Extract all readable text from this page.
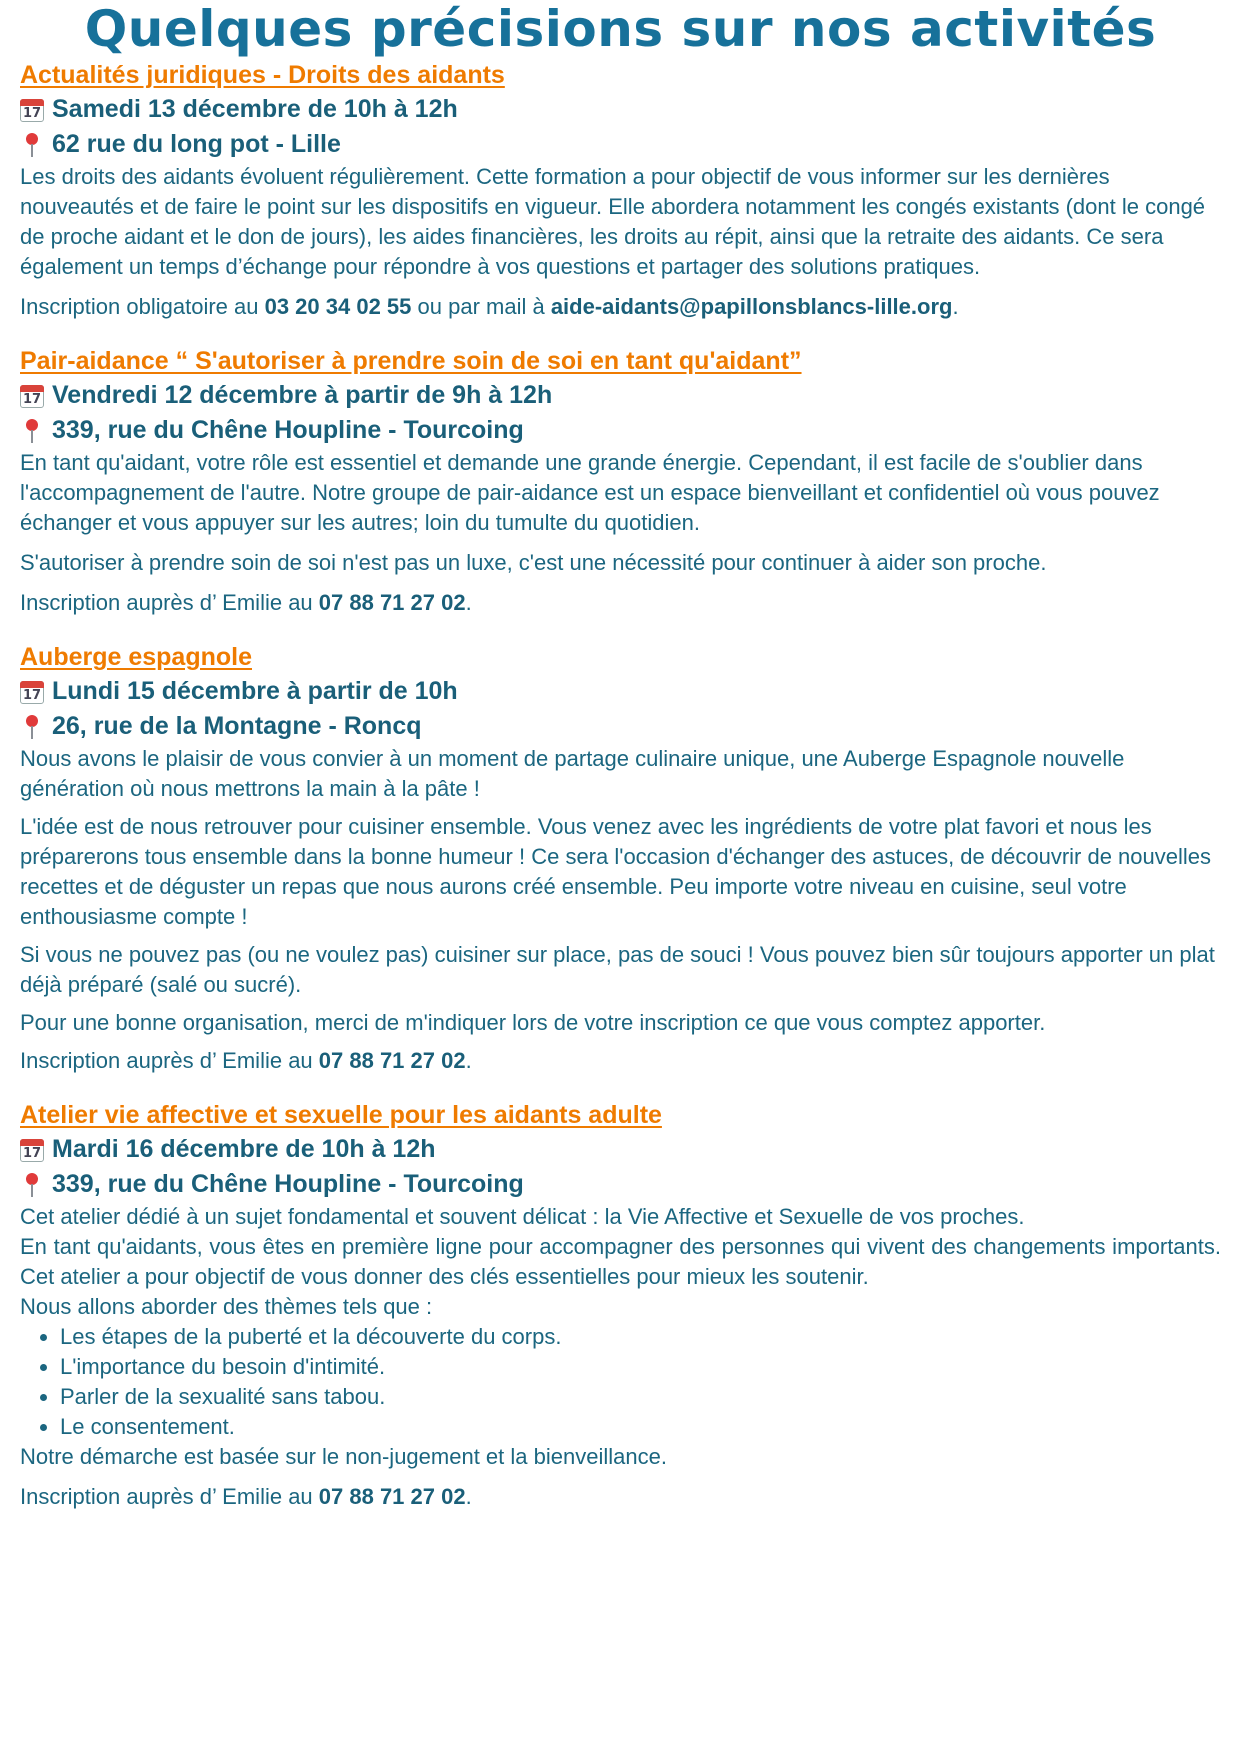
Quelques précisions sur nos activités
Actualités juridiques - Droits des aidants
17 Samedi 13 décembre de 10h à 12h
62 rue du long pot - Lille

Les droits des aidants évoluent régulièrement. Cette formation a pour objectif de vous informer sur les dernières nouveautés et de faire le point sur les dispositifs en vigueur. Elle abordera notamment les congés existants (dont le congé de proche aidant et le don de jours), les aides financières, les droits au répit, ainsi que la retraite des aidants. Ce sera également un temps d’échange pour répondre à vos questions et partager des solutions pratiques.

Inscription obligatoire au 03 20 34 02 55 ou par mail à aide-aidants@papillonsblancs-lille.org.

Pair-aidance “ S'autoriser à prendre soin de soi en tant qu'aidant”
17 Vendredi 12 décembre à partir de 9h à 12h
339, rue du Chêne Houpline - Tourcoing

En tant qu'aidant, votre rôle est essentiel et demande une grande énergie. Cependant, il est facile de s'oublier dans l'accompagnement de l'autre. Notre groupe de pair-aidance est un espace bienveillant et confidentiel où vous pouvez échanger et vous appuyer sur les autres; loin du tumulte du quotidien.

S'autoriser à prendre soin de soi n'est pas un luxe, c'est une nécessité pour continuer à aider son proche.

Inscription auprès d’ Emilie au 07 88 71 27 02.

Auberge espagnole
17 Lundi 15 décembre à partir de 10h
26, rue de la Montagne - Roncq

Nous avons le plaisir de vous convier à un moment de partage culinaire unique, une Auberge Espagnole nouvelle génération où nous mettrons la main à la pâte !

L'idée est de nous retrouver pour cuisiner ensemble. Vous venez avec les ingrédients de votre plat favori et nous les préparerons tous ensemble dans la bonne humeur ! Ce sera l'occasion d'échanger des astuces, de découvrir de nouvelles recettes et de déguster un repas que nous aurons créé ensemble. Peu importe votre niveau en cuisine, seul votre enthousiasme compte !

Si vous ne pouvez pas (ou ne voulez pas) cuisiner sur place, pas de souci ! Vous pouvez bien sûr toujours apporter un plat déjà préparé (salé ou sucré).

Pour une bonne organisation, merci de m'indiquer lors de votre inscription ce que vous comptez apporter.

Inscription auprès d’ Emilie au 07 88 71 27 02.

Atelier vie affective et sexuelle pour les aidants adulte
17 Mardi 16 décembre de 10h à 12h
339, rue du Chêne Houpline - Tourcoing

Cet atelier dédié à un sujet fondamental et souvent délicat : la Vie Affective et Sexuelle de vos proches.

En tant qu'aidants, vous êtes en première ligne pour accompagner des personnes qui vivent des changements importants. Cet atelier a pour objectif de vous donner des clés essentielles pour mieux les soutenir.

Nous allons aborder des thèmes tels que :

• Les étapes de la puberté et la découverte du corps.
• L'importance du besoin d'intimité.
• Parler de la sexualité sans tabou.
• Le consentement.

Notre démarche est basée sur le non-jugement et la bienveillance.

Inscription auprès d’ Emilie au 07 88 71 27 02.
